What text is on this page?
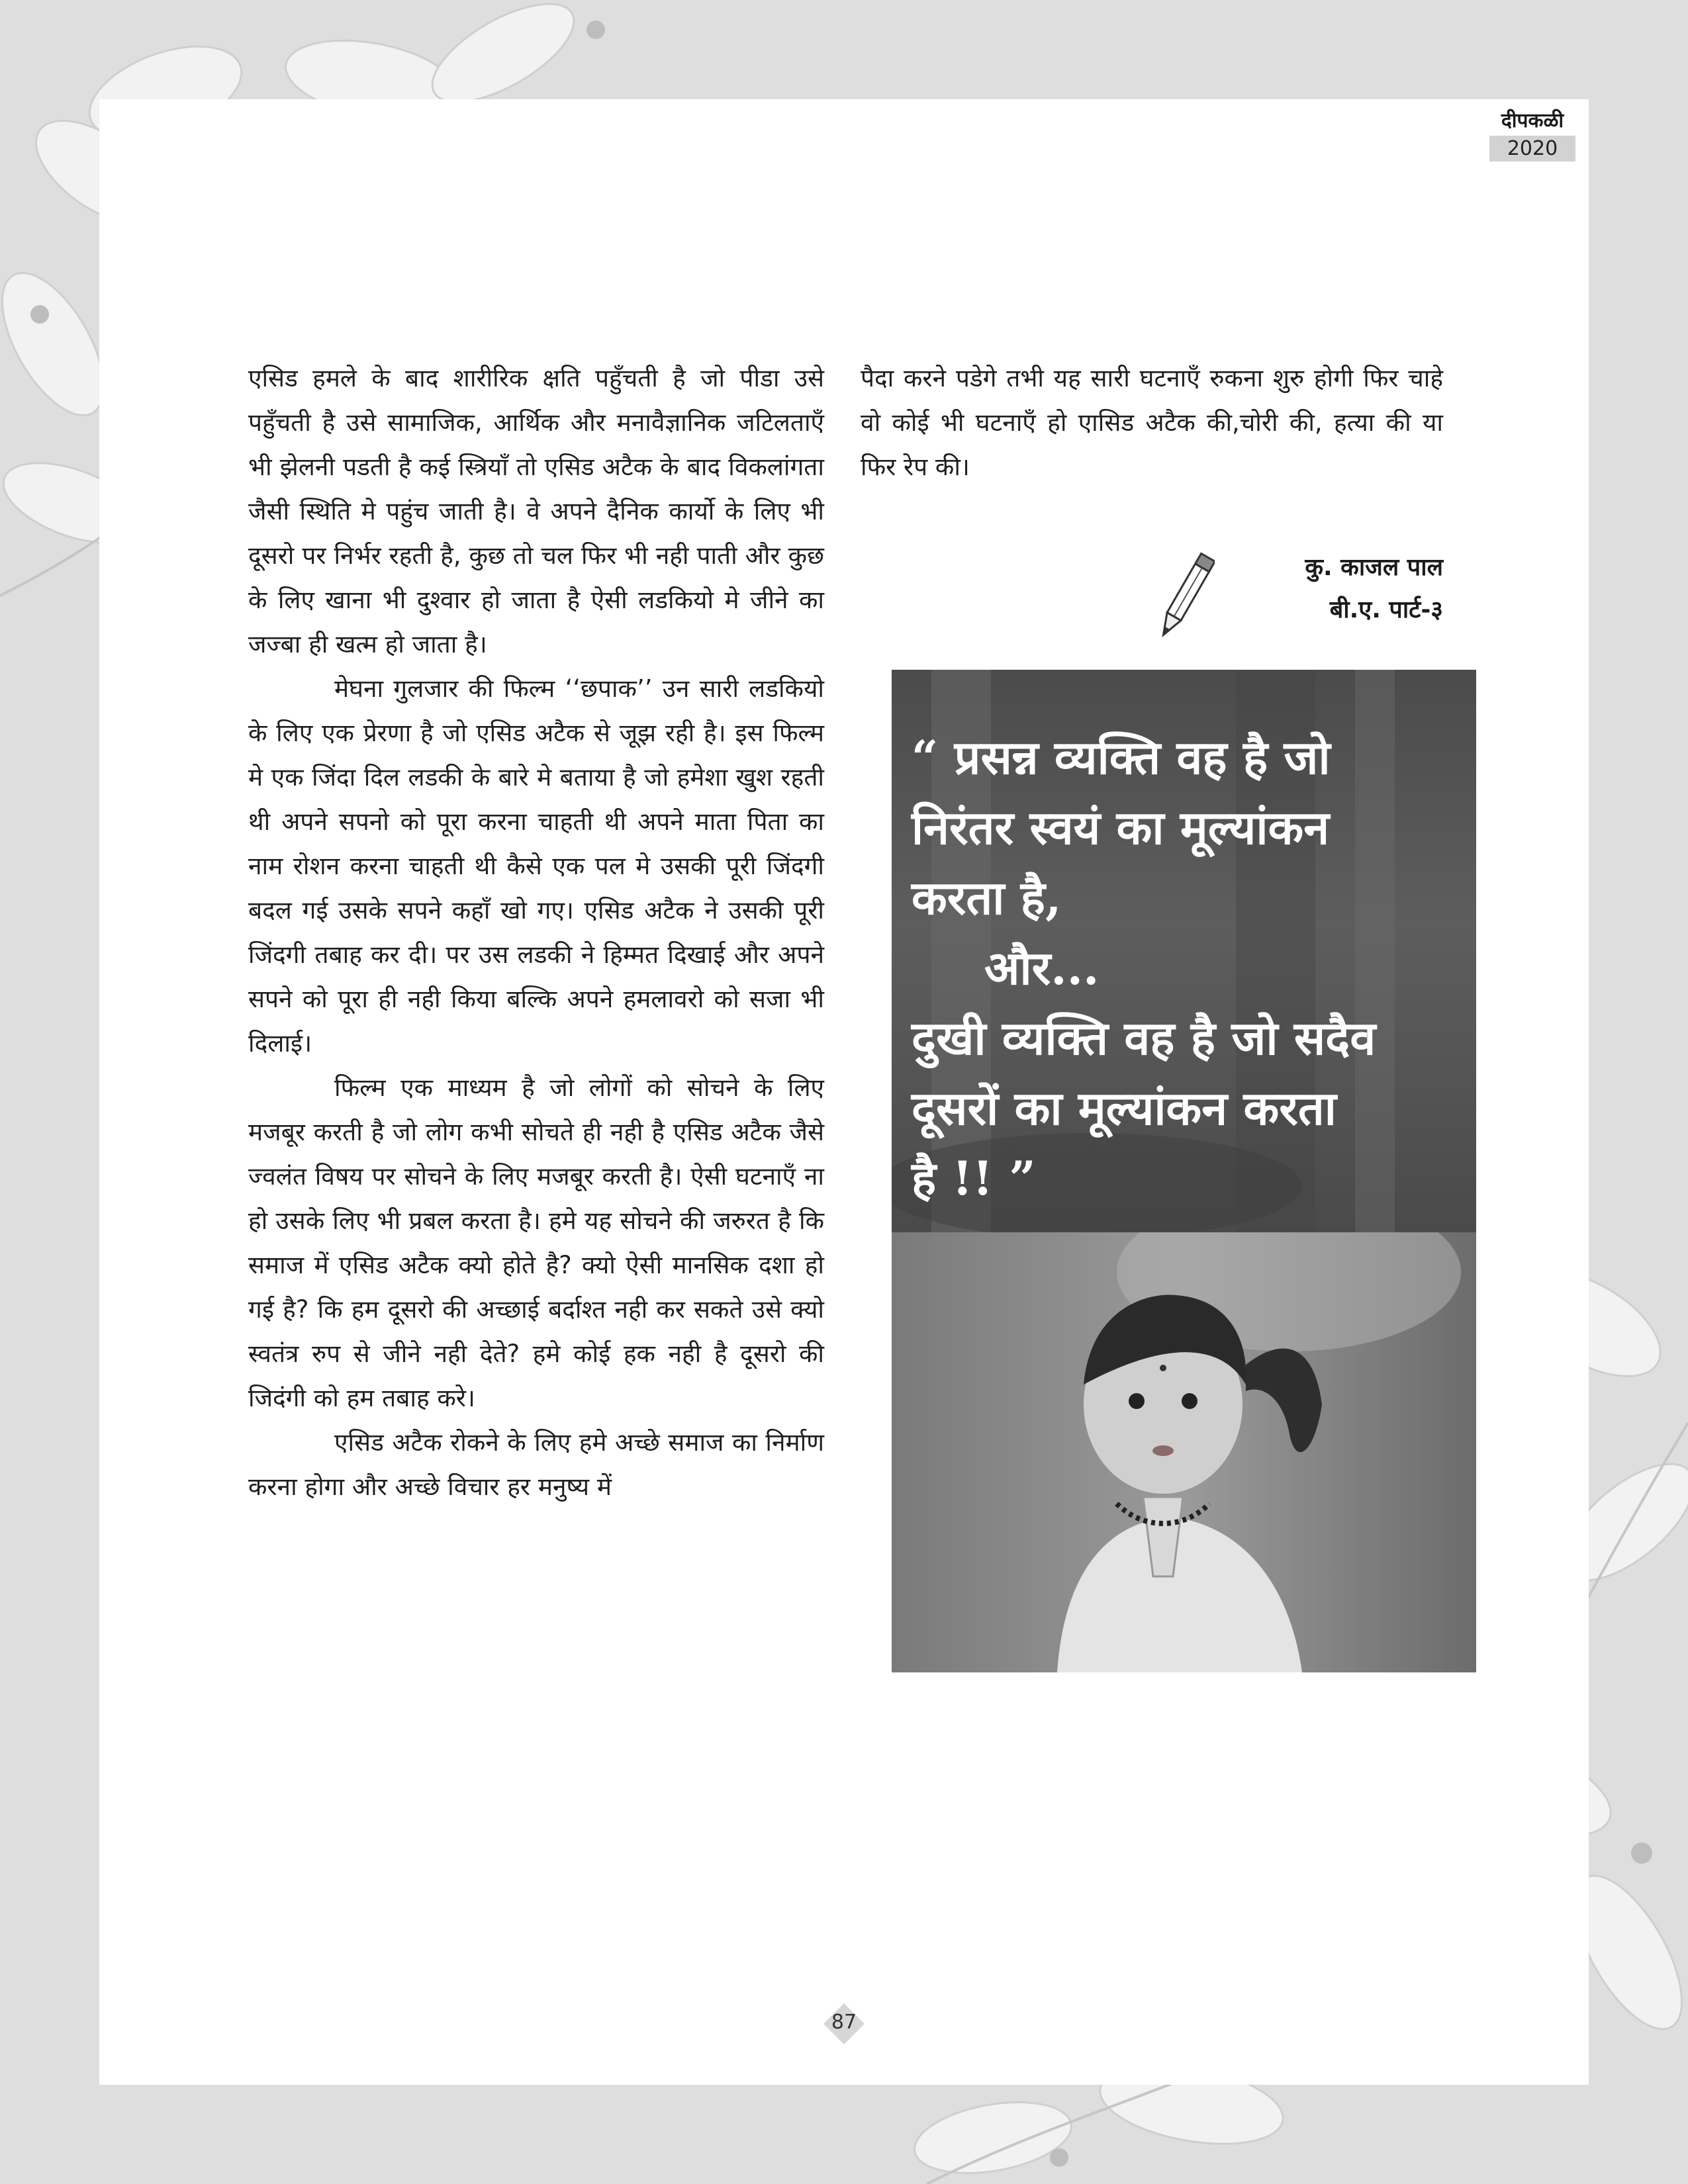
दीपकळी
2020

एसिड हमले के बाद शारीरिक क्षति पहुँचती है जो पीडा उसे पहुँचती है उसे सामाजिक, आर्थिक और मनावैज्ञानिक जटिलताएँ भी झेलनी पडती है कई स्त्रियाँ तो एसिड अटैक के बाद विकलांगता जैसी स्थिति मे पहुंच जाती है। वे अपने दैनिक कार्यो के लिए भी दूसरो पर निर्भर रहती है, कुछ तो चल फिर भी नही पाती और कुछ के लिए खाना भी दुश्वार हो जाता है ऐसी लडकियो मे जीने का जज्बा ही खत्म हो जाता है।

मेघना गुलजार की फिल्म ‘‘छपाक’’ उन सारी लडकियो के लिए एक प्रेरणा है जो एसिड अटैक से जूझ रही है। इस फिल्म मे एक जिंदा दिल लडकी के बारे मे बताया है जो हमेशा खुश रहती थी अपने सपनो को पूरा करना चाहती थी अपने माता पिता का नाम रोशन करना चाहती थी कैसे एक पल मे उसकी पूरी जिंदगी बदल गई उसके सपने कहाँ खो गए। एसिड अटैक ने उसकी पूरी जिंदगी तबाह कर दी। पर उस लडकी ने हिम्मत दिखाई और अपने सपने को पूरा ही नही किया बल्कि अपने हमलावरो को सजा भी दिलाई।

फिल्म एक माध्यम है जो लोगों को सोचने के लिए मजबूर करती है जो लोग कभी सोचते ही नही है एसिड अटैक जैसे ज्वलंत विषय पर सोचने के लिए मजबूर करती है। ऐसी घटनाएँ ना हो उसके लिए भी प्रबल करता है। हमे यह सोचने की जरुरत है कि समाज में एसिड अटैक क्यो होते है? क्यो ऐसी मानसिक दशा हो गई है? कि हम दूसरो की अच्छाई बर्दाश्त नही कर सकते उसे क्यो स्वतंत्र रुप से जीने नही देते? हमे कोई हक नही है दूसरो की जिदंगी को हम तबाह करे।

एसिड अटैक रोकने के लिए हमे अच्छे समाज का निर्माण करना होगा और अच्छे विचार हर मनुष्य में

पैदा करने पडेगे तभी यह सारी घटनाएँ रुकना शुरु होगी फिर चाहे वो कोई भी घटनाएँ हो एासिड अटैक की,चोरी की, हत्या की या फिर रेप की।

कु. काजल पाल
बी.ए. पार्ट-३
“ प्रसन्न व्यक्ति वह है जो
निरंतर स्वयं का मूल्यांकन
करता है,
और...
दुखी व्यक्ति वह है जो सदैव
दूसरों का मूल्यांकन करता
है !! ”
87
